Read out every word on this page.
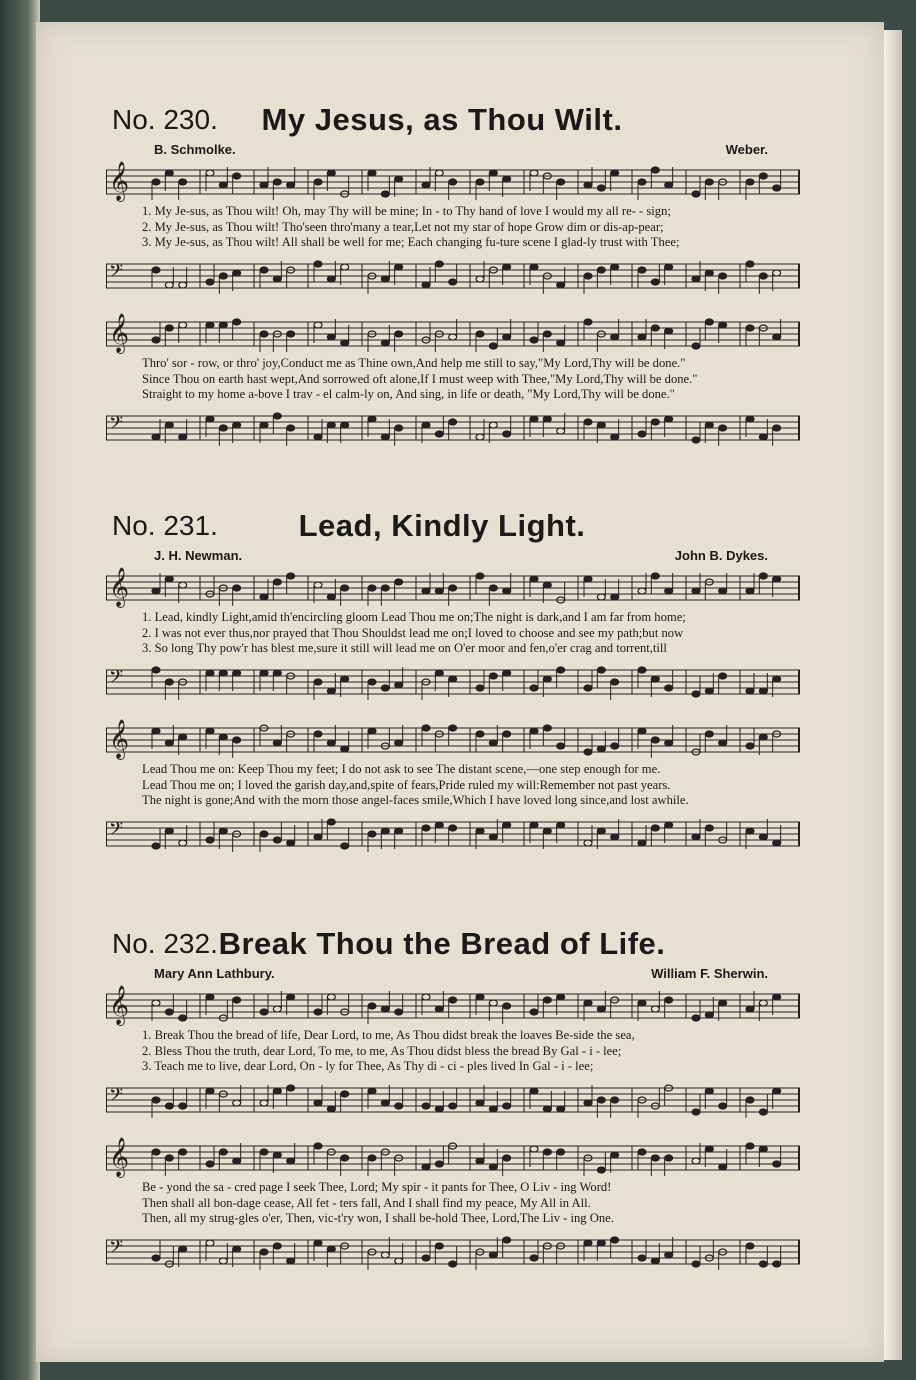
No. 230.	My Jesus, as Thou Wilt.
B. Schmolke.	Weber.
𝄞
1. My Je-sus, as Thou wilt! Oh, may Thy will be mine; In - to Thy hand of love I would my all re- - sign;
2. My Je-sus, as Thou wilt! Tho'seen thro'many a tear,Let not my star of hope Grow dim or dis-ap-pear;
3. My Je-sus, as Thou wilt! All shall be well for me; Each changing fu-ture scene I glad-ly trust with Thee;
𝄢
𝄞
Thro' sor - row, or thro' joy,Conduct me as Thine own,And help me still to say,"My Lord,Thy will be done."
Since Thou on earth hast wept,And sorrowed oft alone,If I must weep with Thee,"My Lord,Thy will be done."
Straight to my home a-bove I trav - el calm-ly on, And sing, in life or death, "My Lord,Thy will be done."
𝄢
No. 231.	Lead, Kindly Light.
J. H. Newman.	John B. Dykes.
𝄞
1. Lead, kindly Light,amid th'encircling gloom Lead Thou me on;The night is dark,and I am far from home;
2. I was not ever thus,nor prayed that Thou Shouldst lead me on;I loved to choose and see my path;but now
3. So long Thy pow'r has blest me,sure it still will lead me on O'er moor and fen,o'er crag and torrent,till
𝄢
𝄞
Lead Thou me on: Keep Thou my feet; I do not ask to see The distant scene,—one step enough for me.
Lead Thou me on; I loved the garish day,and,spite of fears,Pride ruled my will:Remember not past years.
The night is gone;And with the morn those angel-faces smile,Which I have loved long since,and lost awhile.
𝄢
No. 232. Break Thou the Bread of Life.
Mary Ann Lathbury.	William F. Sherwin.
𝄞
1. Break Thou the bread of life, Dear Lord, to me, As Thou didst break the loaves Be-side the sea,
2. Bless Thou the truth, dear Lord, To me, to me, As Thou didst bless the bread By Gal - i - lee;
3. Teach me to live, dear Lord, On - ly for Thee, As Thy di - ci - ples lived In Gal - i - lee;
𝄢
𝄞
Be - yond the sa - cred page I seek Thee, Lord; My spir - it pants for Thee, O Liv - ing Word!
Then shall all bon-dage cease, All fet - ters fall, And I shall find my peace, My All in All.
Then, all my strug-gles o'er, Then, vic-t'ry won, I shall be-hold Thee, Lord,The Liv - ing One.
𝄢
